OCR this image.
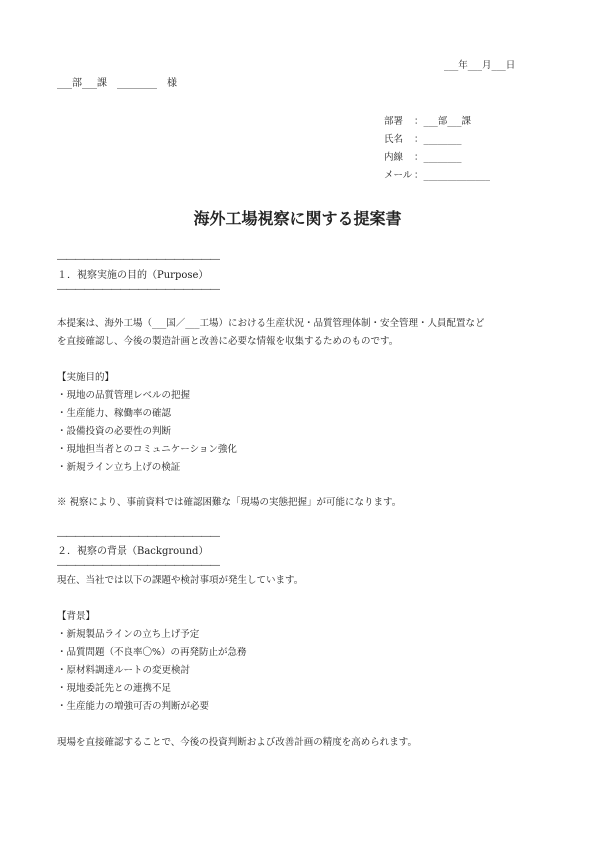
___年___月___日
___部___課　________　様
部署 ：___部___課
氏名 ：________
内線 ：________
メール ：______________
海外工場視察に関する提案書
――――――――――――――――――
１．視察実施の目的（Purpose）
――――――――――――――――――
本提案は、海外工場（___国／___工場）における生産状況・品質管理体制・安全管理・人員配置など
を直接確認し、今後の製造計画と改善に必要な情報を収集するためのものです。
【実施目的】
・現地の品質管理レベルの把握
・生産能力、稼働率の確認
・設備投資の必要性の判断
・現地担当者とのコミュニケーション強化
・新規ライン立ち上げの検証
※ 視察により、事前資料では確認困難な「現場の実態把握」が可能になります。
――――――――――――――――――
２．視察の背景（Background）
――――――――――――――――――
現在、当社では以下の課題や検討事項が発生しています。
【背景】
・新規製品ラインの立ち上げ予定
・品質問題（不良率〇%）の再発防止が急務
・原材料調達ルートの変更検討
・現地委託先との連携不足
・生産能力の増強可否の判断が必要
現場を直接確認することで、今後の投資判断および改善計画の精度を高められます。
